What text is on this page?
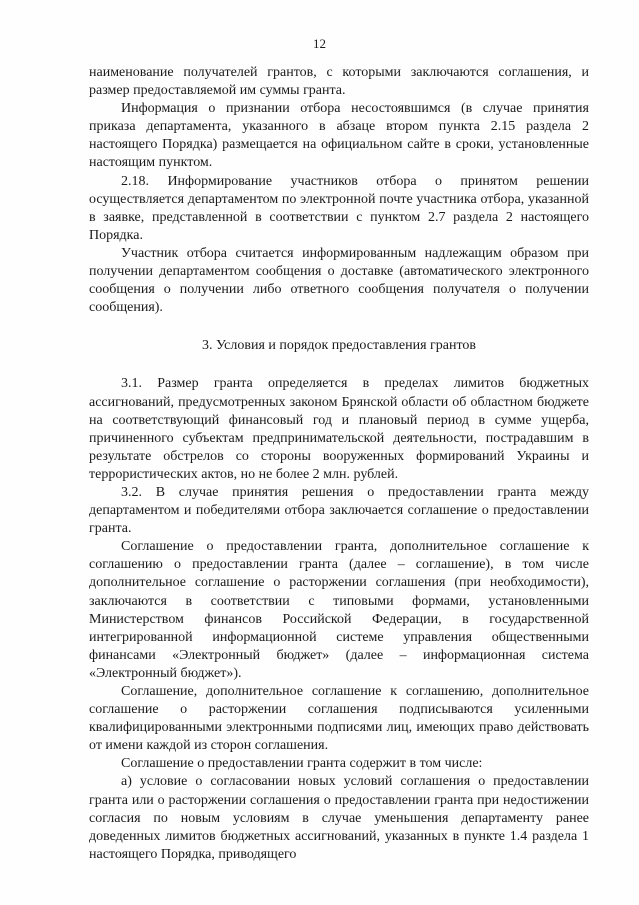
12

наименование получателей грантов, с которыми заключаются соглашения, и размер предоставляемой им суммы гранта.

Информация о признании отбора несостоявшимся (в случае принятия приказа департамента, указанного в абзаце втором пункта 2.15 раздела 2 настоящего Порядка) размещается на официальном сайте в сроки, установленные настоящим пунктом.

2.18. Информирование участников отбора о принятом решении осуществляется департаментом по электронной почте участника отбора, указанной в заявке, представленной в соответствии с пунктом 2.7 раздела 2 настоящего Порядка.

Участник отбора считается информированным надлежащим образом при получении департаментом сообщения о доставке (автоматического электронного сообщения о получении либо ответного сообщения получателя о получении сообщения).

3. Условия и порядок предоставления грантов

3.1. Размер гранта определяется в пределах лимитов бюджетных ассигнований, предусмотренных законом Брянской области об областном бюджете на соответствующий финансовый год и плановый период в сумме ущерба, причиненного субъектам предпринимательской деятельности, пострадавшим в результате обстрелов со стороны вооруженных формирований Украины и террористических актов, но не более 2 млн. рублей.

3.2. В случае принятия решения о предоставлении гранта между департаментом и победителями отбора заключается соглашение о предоставлении гранта.

Соглашение о предоставлении гранта, дополнительное соглашение к соглашению о предоставлении гранта (далее – соглашение), в том числе дополнительное соглашение о расторжении соглашения (при необходимости), заключаются в соответствии с типовыми формами, установленными Министерством финансов Российской Федерации, в государственной интегрированной информационной системе управления общественными финансами «Электронный бюджет» (далее – информационная система «Электронный бюджет»).

Соглашение, дополнительное соглашение к соглашению, дополнительное соглашение о расторжении соглашения подписываются усиленными квалифицированными электронными подписями лиц, имеющих право действовать от имени каждой из сторон соглашения.

Соглашение о предоставлении гранта содержит в том числе:

а) условие о согласовании новых условий соглашения о предоставлении гранта или о расторжении соглашения о предоставлении гранта при недостижении согласия по новым условиям в случае уменьшения департаменту ранее доведенных лимитов бюджетных ассигнований, указанных в пункте 1.4 раздела 1 настоящего Порядка, приводящего
